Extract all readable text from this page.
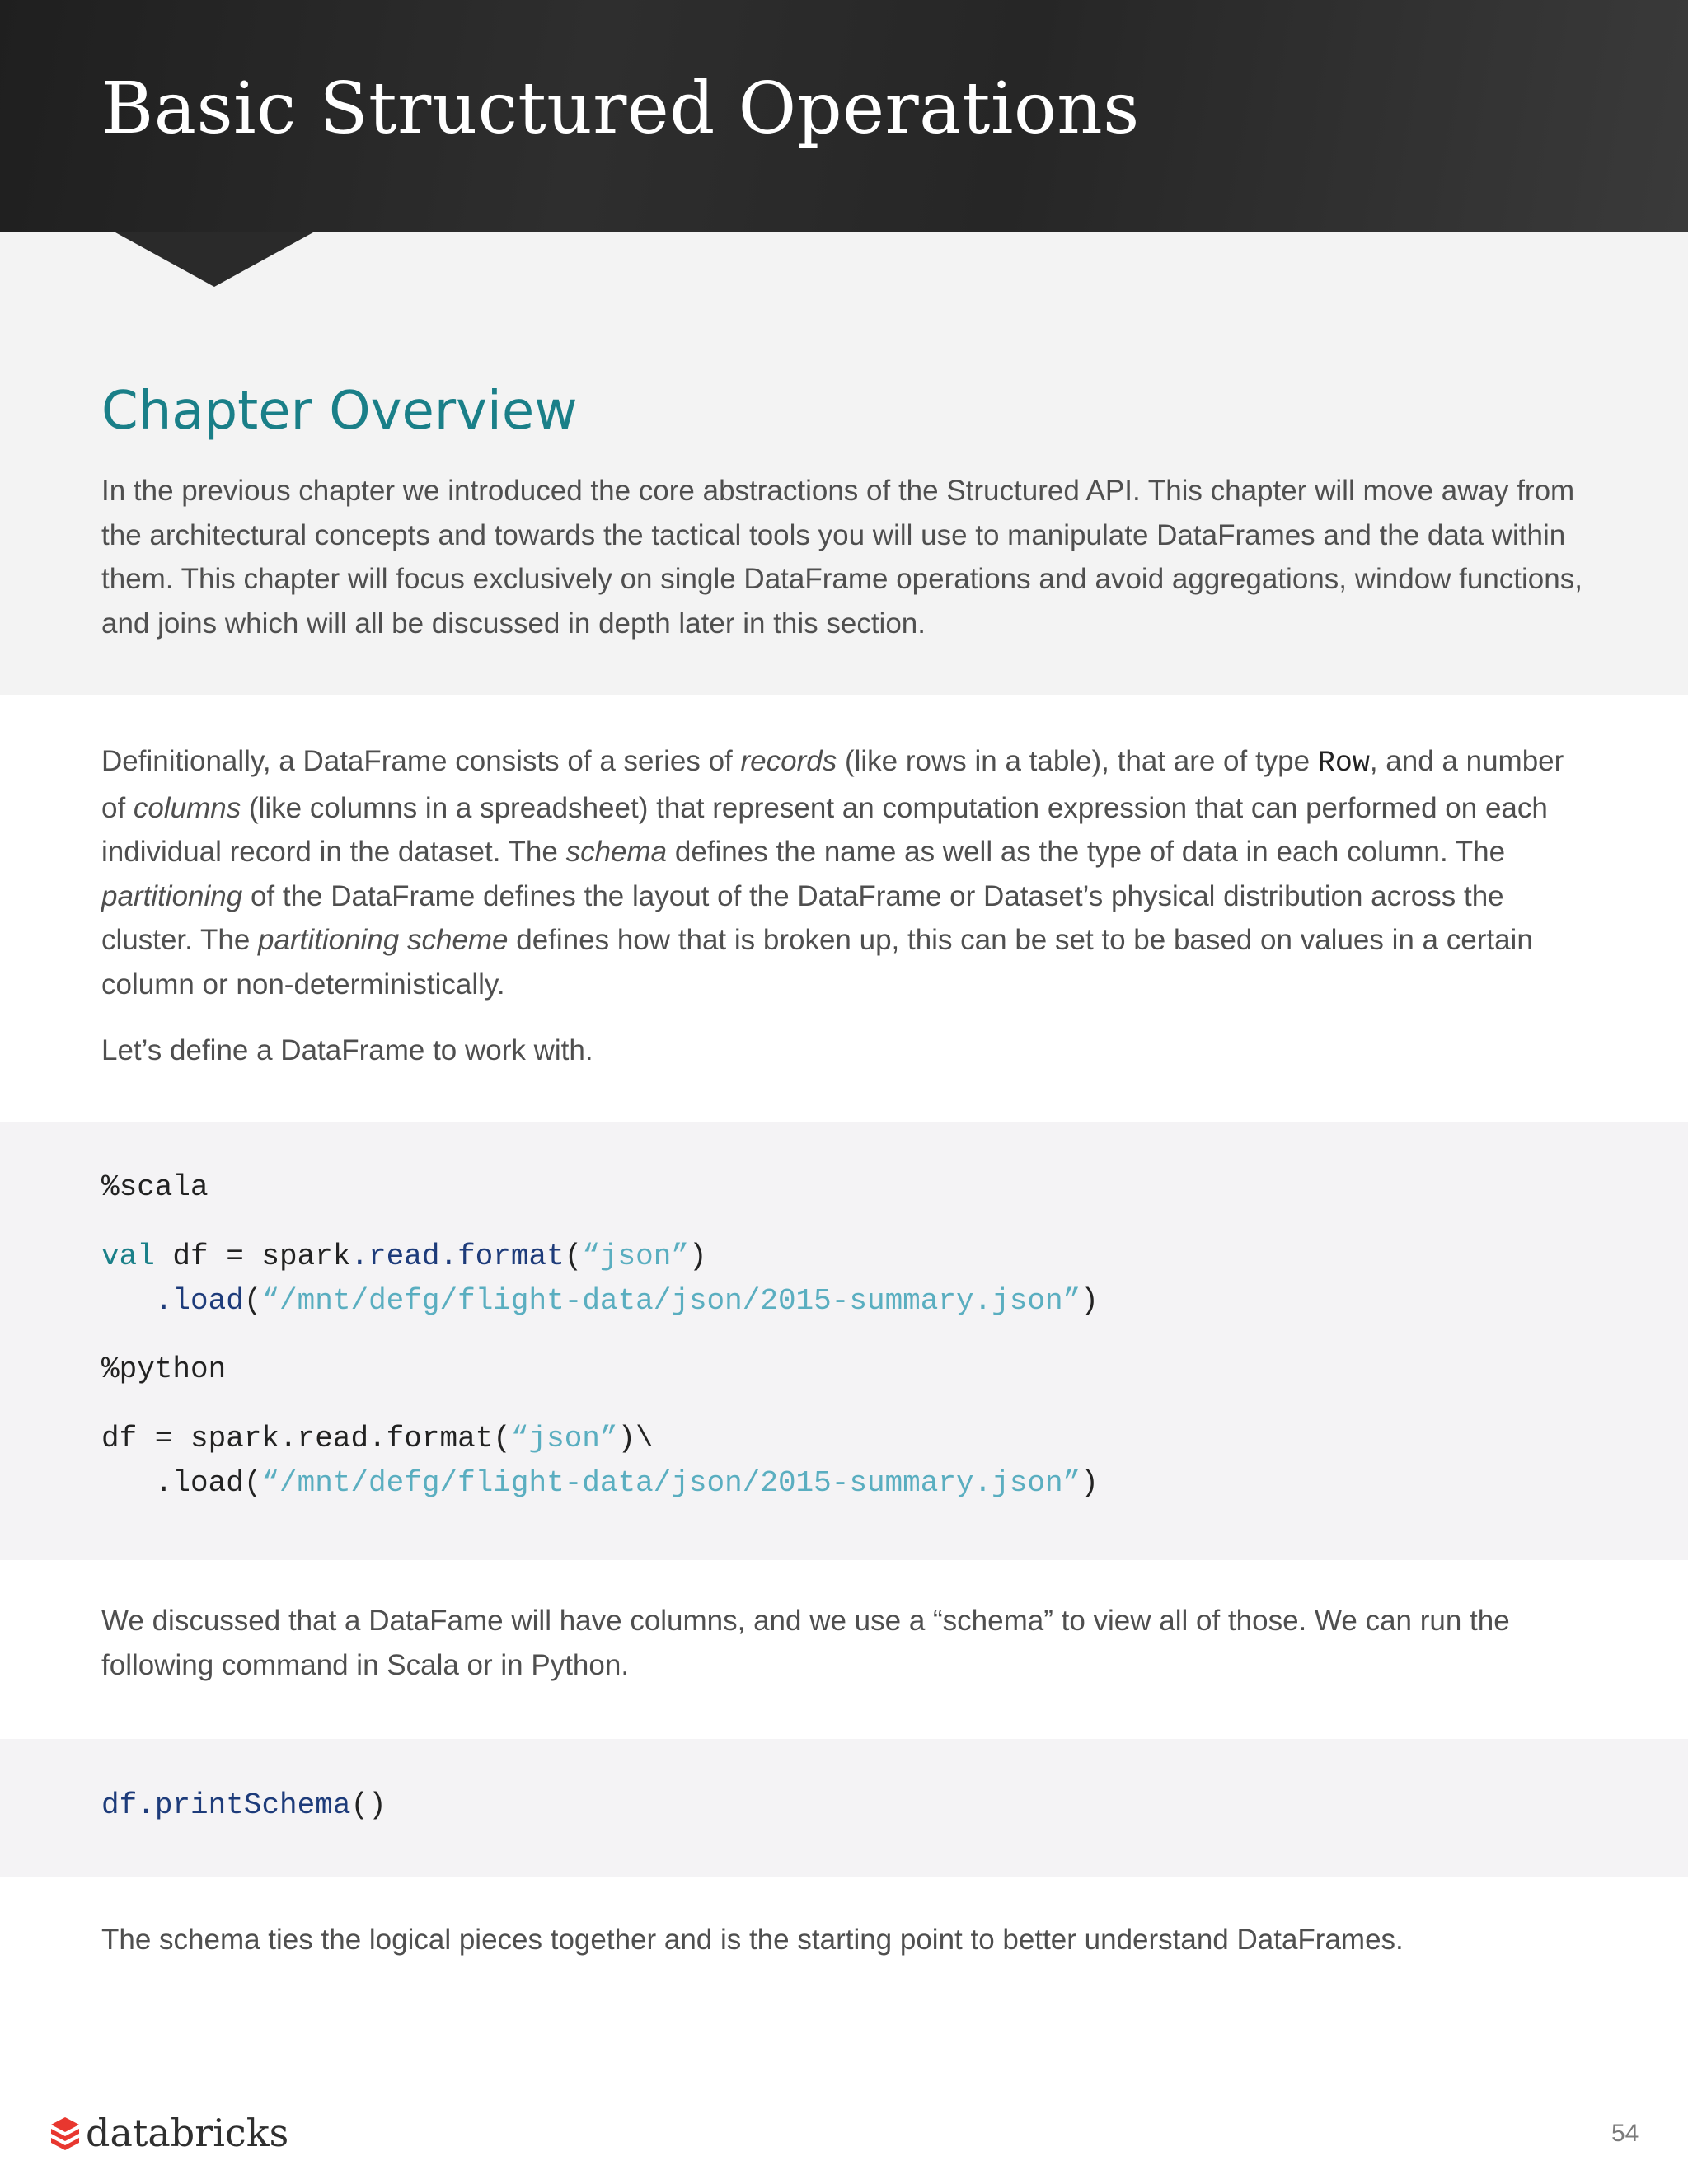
Basic Structured Operations
Chapter Overview
In the previous chapter we introduced the core abstractions of the Structured API. This chapter will move away from the architectural concepts and towards the tactical tools you will use to manipulate DataFrames and the data within them. This chapter will focus exclusively on single DataFrame operations and avoid aggregations, window functions, and joins which will all be discussed in depth later in this section.
Definitionally, a DataFrame consists of a series of records (like rows in a table), that are of type Row, and a number of columns (like columns in a spreadsheet) that represent an computation expression that can performed on each individual record in the dataset. The schema defines the name as well as the type of data in each column. The partitioning of the DataFrame defines the layout of the DataFrame or Dataset’s physical distribution across the cluster. The partitioning scheme defines how that is broken up, this can be set to be based on values in a certain column or non-deterministically.
Let’s define a DataFrame to work with.
%scala
val df = spark.read.format(“json”)
.load(“/mnt/defg/flight-data/json/2015-summary.json”)
%python
df = spark.read.format(“json”)\
.load(“/mnt/defg/flight-data/json/2015-summary.json”)
We discussed that a DataFame will have columns, and we use a “schema” to view all of those. We can run the following command in Scala or in Python.
df.printSchema()
The schema ties the logical pieces together and is the starting point to better understand DataFrames.
databricks	54
